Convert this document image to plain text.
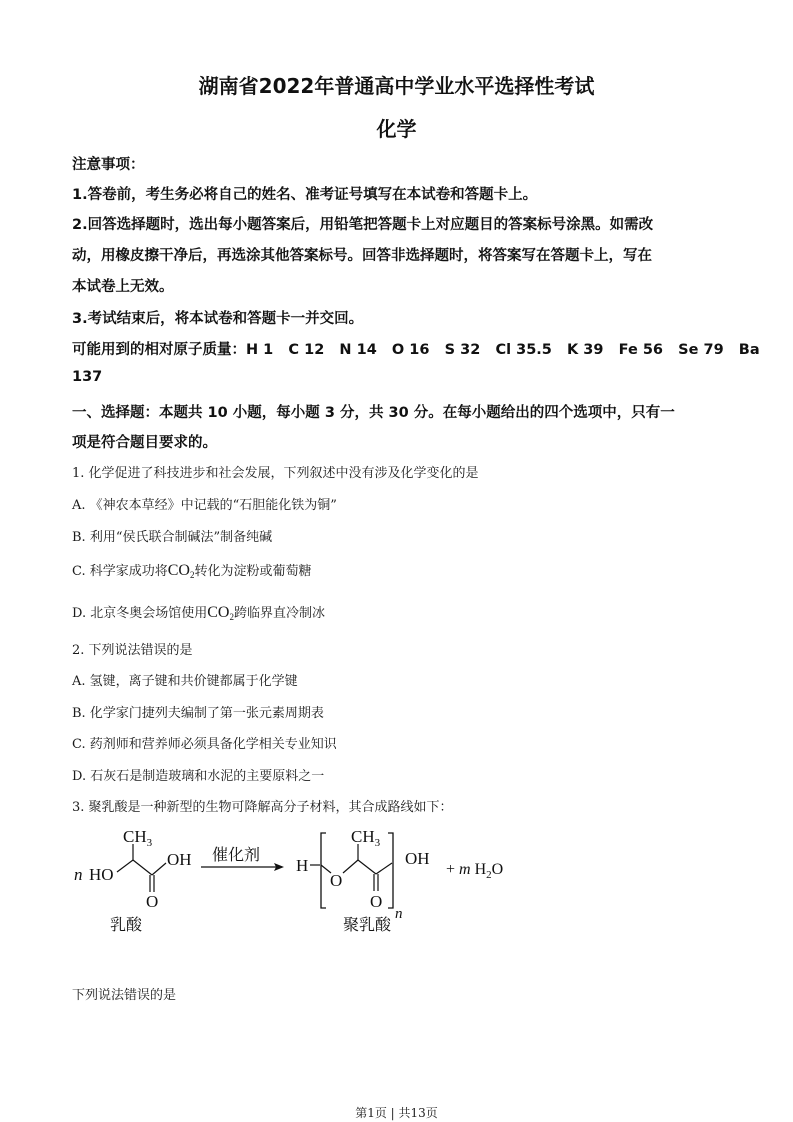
湖南省2022年普通高中学业水平选择性考试
化学
注意事项：
1.答卷前，考生务必将自己的姓名、准考证号填写在本试卷和答题卡上。
2.回答选择题时，选出每小题答案后，用铅笔把答题卡上对应题目的答案标号涂黑。如需改
动，用橡皮擦干净后，再选涂其他答案标号。回答非选择题时，将答案写在答题卡上，写在
本试卷上无效。
3.考试结束后，将本试卷和答题卡一并交回。
可能用到的相对原子质量：H 1   C 12   N 14   O 16   S 32   Cl 35.5   K 39   Fe 56   Se 79   Ba
137
一、选择题：本题共 10 小题，每小题 3 分，共 30 分。在每小题给出的四个选项中，只有一
项是符合题目要求的。
1. 化学促进了科技进步和社会发展，下列叙述中没有涉及化学变化的是
A. 《神农本草经》中记载的“石胆能化铁为铜”
B. 利用“侯氏联合制碱法”制备纯碱
C. 科学家成功将$CO_2$转化为淀粉或葡萄糖
D. 北京冬奥会场馆使用$CO_2$跨临界直冷制冰
2. 下列说法错误的是
A. 氢键，离子键和共价键都属于化学键
B. 化学家门捷列夫编制了第一张元素周期表
C. 药剂师和营养师必须具备化学相关专业知识
D. 石灰石是制造玻璃和水泥的主要原料之一
3. 聚乳酸是一种新型的生物可降解高分子材料，其合成路线如下：
n HO
$CH_3$
OH
O
乳酸
催化剂
H
O
$CH_3$
O
n
OH
聚乳酸
+ m $H_2O$
下列说法错误的是
第1页 | 共13页
